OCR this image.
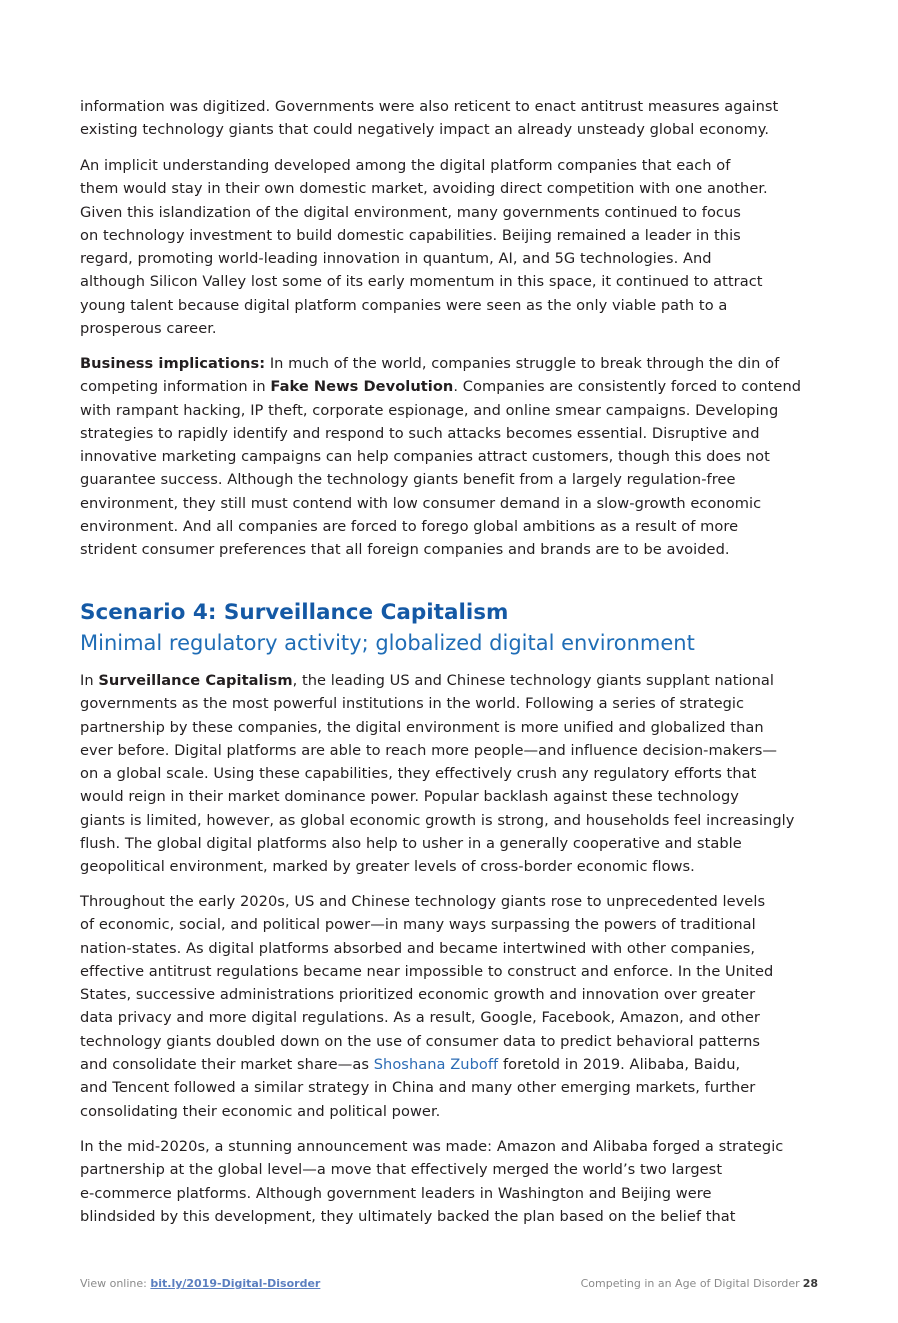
information was digitized. Governments were also reticent to enact antitrust measures against
existing technology giants that could negatively impact an already unsteady global economy.

An implicit understanding developed among the digital platform companies that each of
them would stay in their own domestic market, avoiding direct competition with one another.
Given this islandization of the digital environment, many governments continued to focus
on technology investment to build domestic capabilities. Beijing remained a leader in this
regard, promoting world-leading innovation in quantum, AI, and 5G technologies. And
although Silicon Valley lost some of its early momentum in this space, it continued to attract
young talent because digital platform companies were seen as the only viable path to a
prosperous career.

Business implications: In much of the world, companies struggle to break through the din of
competing information in Fake News Devolution. Companies are consistently forced to contend
with rampant hacking, IP theft, corporate espionage, and online smear campaigns. Developing
strategies to rapidly identify and respond to such attacks becomes essential. Disruptive and
innovative marketing campaigns can help companies attract customers, though this does not
guarantee success. Although the technology giants benefit from a largely regulation-free
environment, they still must contend with low consumer demand in a slow-growth economic
environment. And all companies are forced to forego global ambitions as a result of more
strident consumer preferences that all foreign companies and brands are to be avoided.

Scenario 4: Surveillance Capitalism
Minimal regulatory activity; globalized digital environment

In Surveillance Capitalism, the leading US and Chinese technology giants supplant national
governments as the most powerful institutions in the world. Following a series of strategic
partnership by these companies, the digital environment is more unified and globalized than
ever before. Digital platforms are able to reach more people—and influence decision-makers—
on a global scale. Using these capabilities, they effectively crush any regulatory efforts that
would reign in their market dominance power. Popular backlash against these technology
giants is limited, however, as global economic growth is strong, and households feel increasingly
flush. The global digital platforms also help to usher in a generally cooperative and stable
geopolitical environment, marked by greater levels of cross-border economic flows.

Throughout the early 2020s, US and Chinese technology giants rose to unprecedented levels
of economic, social, and political power—in many ways surpassing the powers of traditional
nation-states. As digital platforms absorbed and became intertwined with other companies,
effective antitrust regulations became near impossible to construct and enforce. In the United
States, successive administrations prioritized economic growth and innovation over greater
data privacy and more digital regulations. As a result, Google, Facebook, Amazon, and other
technology giants doubled down on the use of consumer data to predict behavioral patterns
and consolidate their market share—as Shoshana Zuboff foretold in 2019. Alibaba, Baidu,
and Tencent followed a similar strategy in China and many other emerging markets, further
consolidating their economic and political power.

In the mid-2020s, a stunning announcement was made: Amazon and Alibaba forged a strategic
partnership at the global level—a move that effectively merged the world’s two largest
e-commerce platforms. Although government leaders in Washington and Beijing were
blindsided by this development, they ultimately backed the plan based on the belief that

View online: bit.ly/2019-Digital-Disorder	Competing in an Age of Digital Disorder 28
